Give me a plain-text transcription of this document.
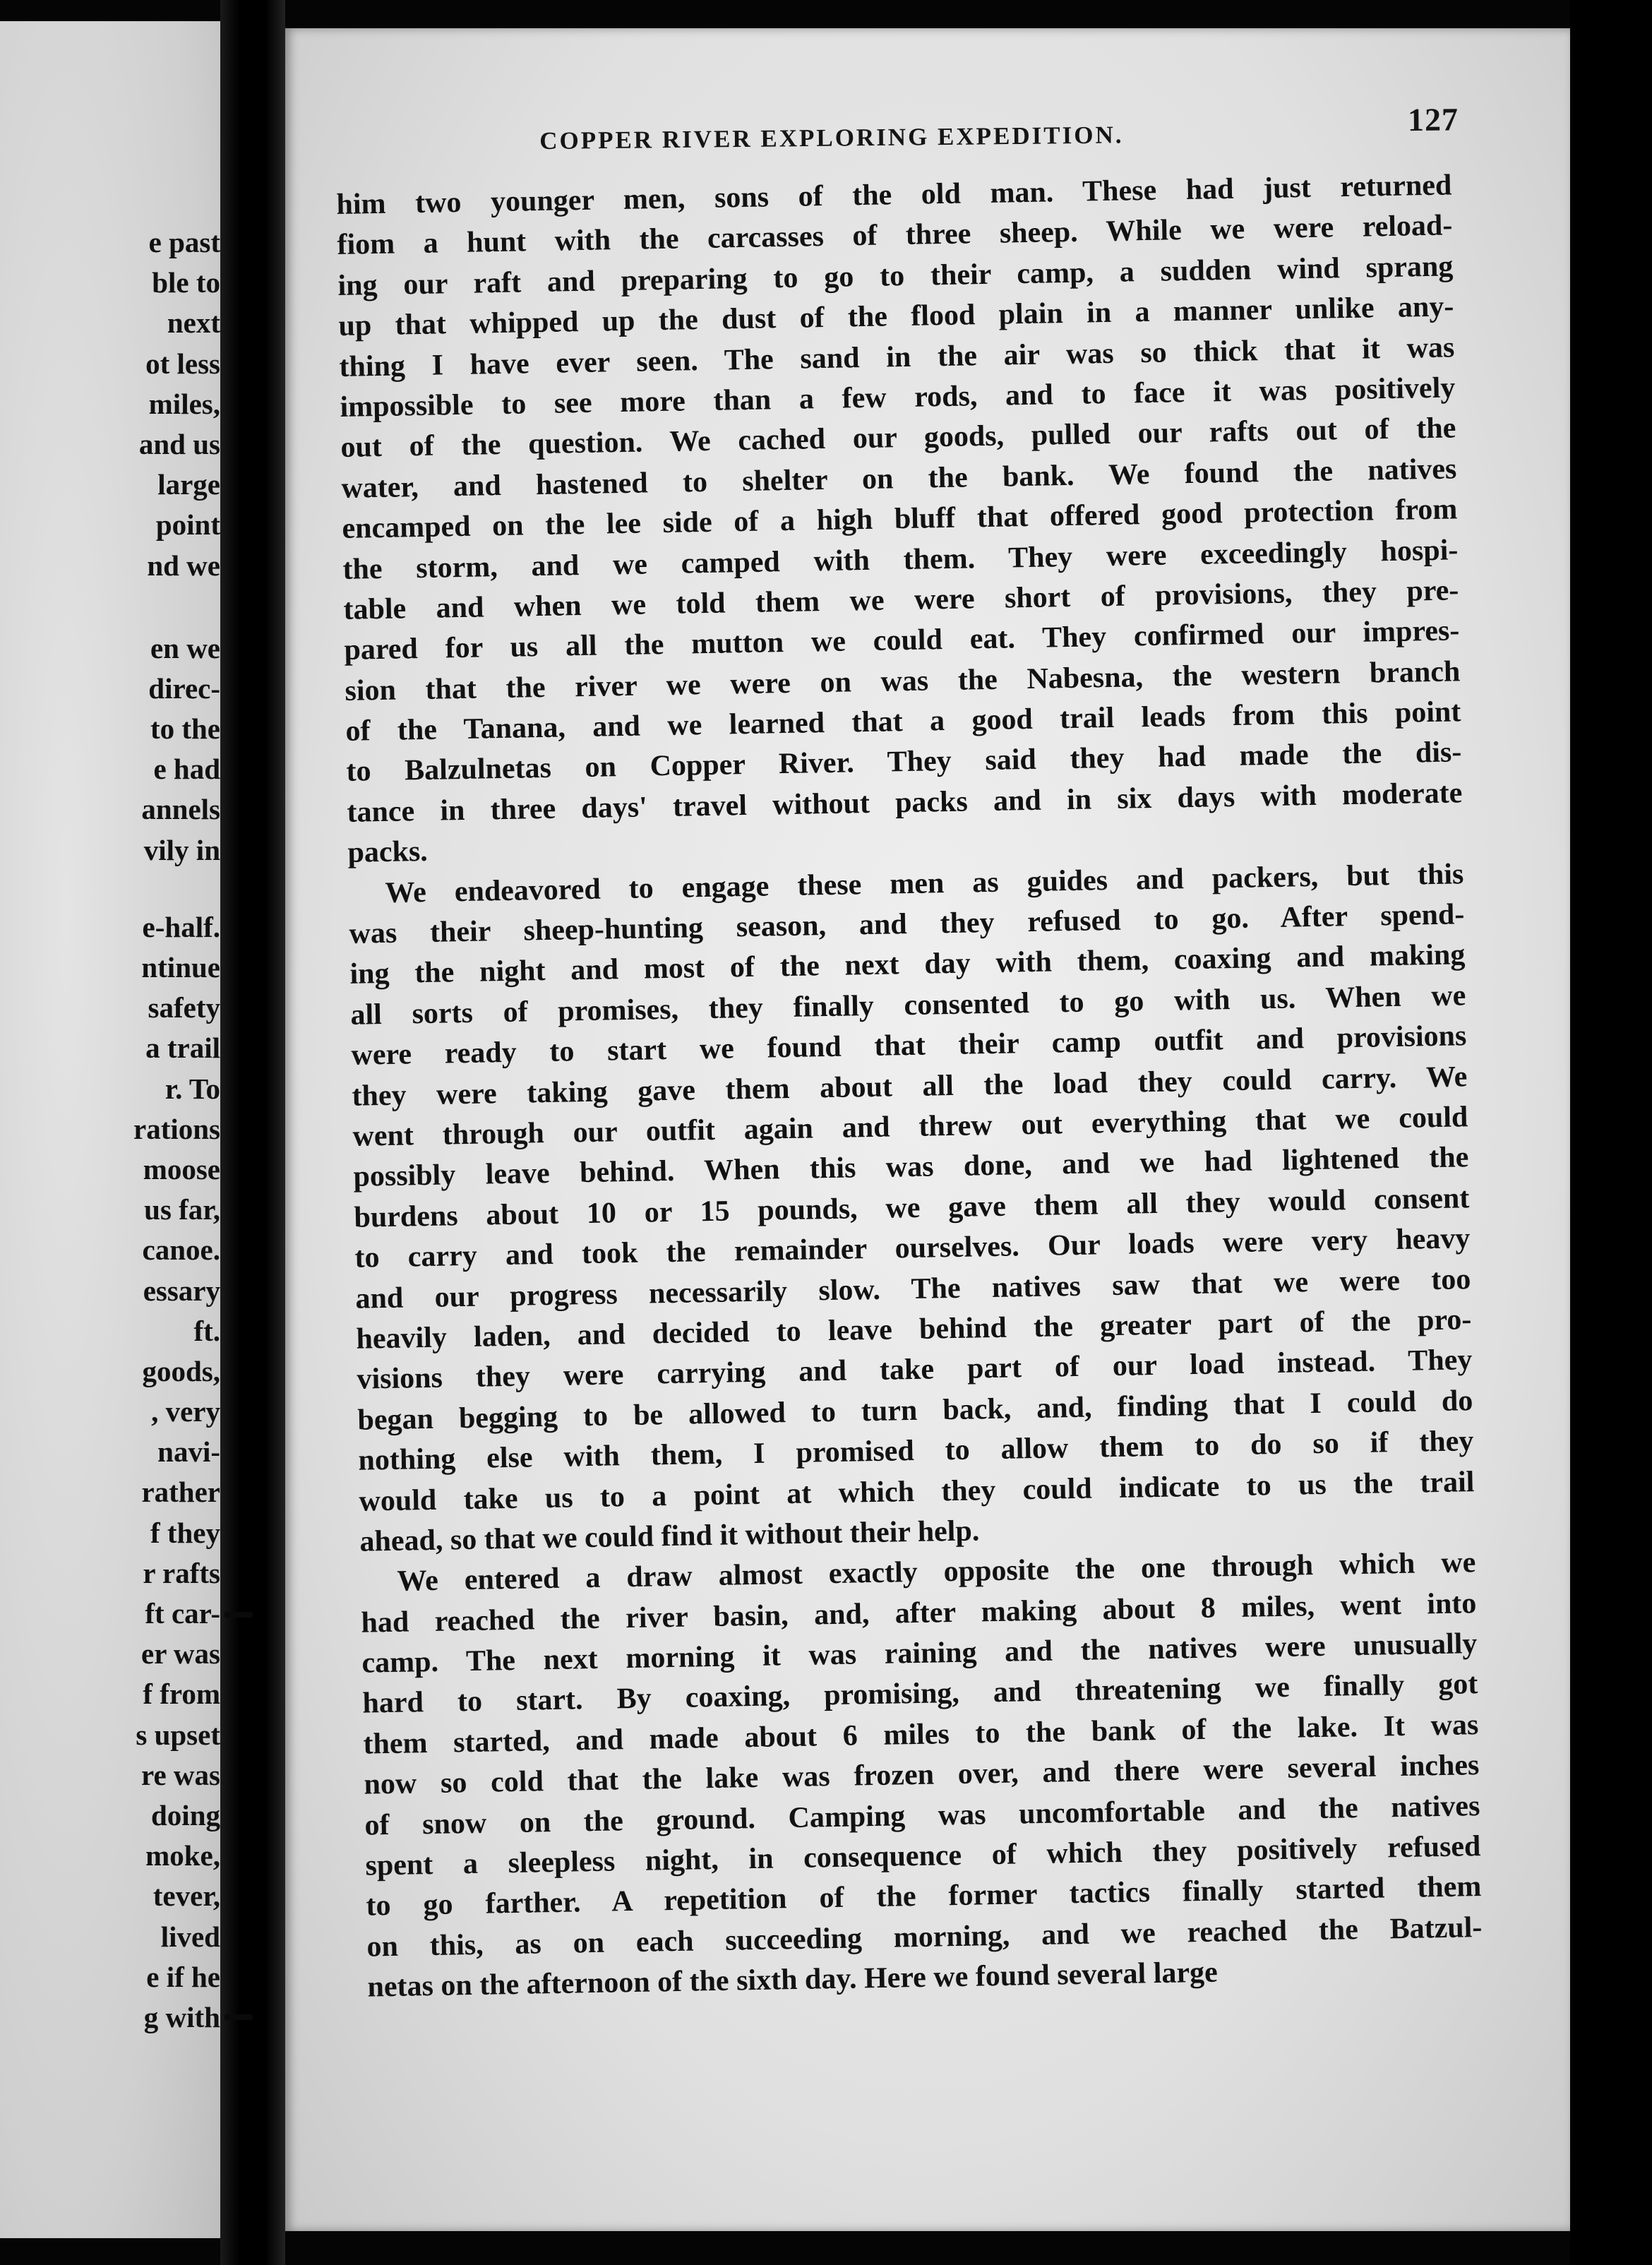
e past
ble to
next
ot less
miles,
and us
large
point
nd we
en we
direc-
to the
e had
annels
vily in
e-half.
ntinue
safety
a trail
r. To
rations
moose
us far,
canoe.
essary
ft.
goods,
, very
navi-
rather
f they
r rafts
ft car-
er was
f from
s upset
re was
doing
moke,
tever,
lived
e if he
g with
COPPER RIVER EXPLORING EXPEDITION.
127
him two younger men, sons of the old man. These had just returned
fiom a hunt with the carcasses of three sheep. While we were reload-
ing our raft and preparing to go to their camp, a sudden wind sprang
up that whipped up the dust of the flood plain in a manner unlike any-
thing I have ever seen. The sand in the air was so thick that it was
impossible to see more than a few rods, and to face it was positively
out of the question. We cached our goods, pulled our rafts out of the
water, and hastened to shelter on the bank. We found the natives
encamped on the lee side of a high bluff that offered good protection from
the storm, and we camped with them. They were exceedingly hospi-
table and when we told them we were short of provisions, they pre-
pared for us all the mutton we could eat. They confirmed our impres-
sion that the river we were on was the Nabesna, the western branch
of the Tanana, and we learned that a good trail leads from this point
to Balzulnetas on Copper River. They said they had made the dis-
tance in three days' travel without packs and in six days with moderate
packs.
We endeavored to engage these men as guides and packers, but this
was their sheep-hunting season, and they refused to go. After spend-
ing the night and most of the next day with them, coaxing and making
all sorts of promises, they finally consented to go with us. When we
were ready to start we found that their camp outfit and provisions
they were taking gave them about all the load they could carry. We
went through our outfit again and threw out everything that we could
possibly leave behind. When this was done, and we had lightened the
burdens about 10 or 15 pounds, we gave them all they would consent
to carry and took the remainder ourselves. Our loads were very heavy
and our progress necessarily slow. The natives saw that we were too
heavily laden, and decided to leave behind the greater part of the pro-
visions they were carrying and take part of our load instead. They
began begging to be allowed to turn back, and, finding that I could do
nothing else with them, I promised to allow them to do so if they
would take us to a point at which they could indicate to us the trail
ahead, so that we could find it without their help.
We entered a draw almost exactly opposite the one through which we
had reached the river basin, and, after making about 8 miles, went into
camp. The next morning it was raining and the natives were unusually
hard to start. By coaxing, promising, and threatening we finally got
them started, and made about 6 miles to the bank of the lake. It was
now so cold that the lake was frozen over, and there were several inches
of snow on the ground. Camping was uncomfortable and the natives
spent a sleepless night, in consequence of which they positively refused
to go farther. A repetition of the former tactics finally started them
on this, as on each succeeding morning, and we reached the Batzul-
netas on the afternoon of the sixth day. Here we found several large
